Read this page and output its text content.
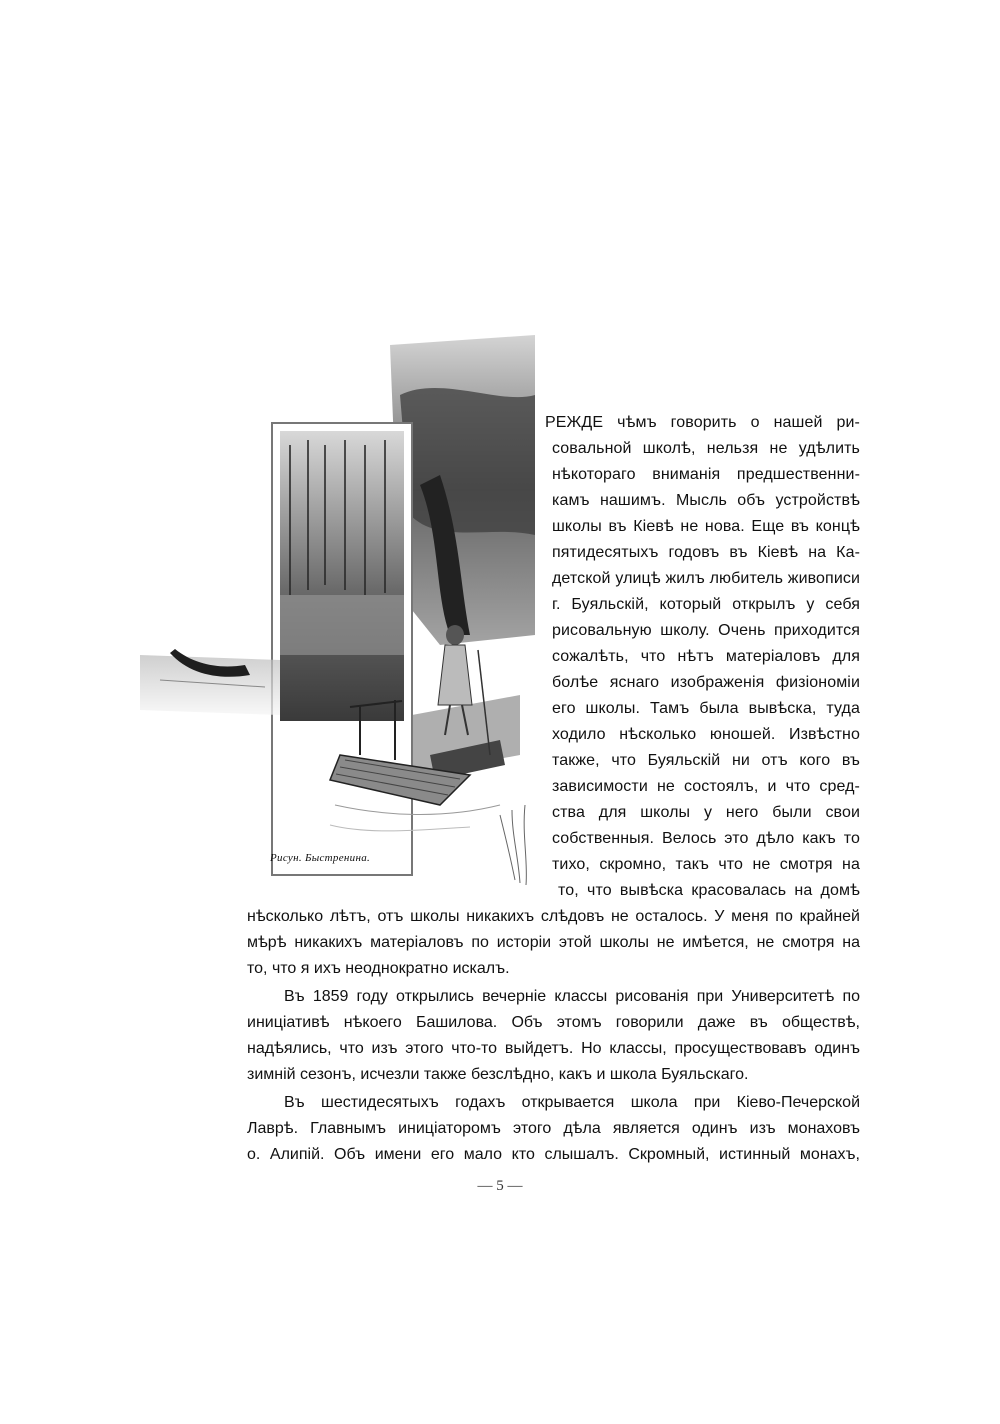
Рисун. Быстренина.
РЕЖДЕ чѣмъ говорить о нашей ри-
совальной школѣ, нельзя не удѣлить
нѣкотораго вниманія предшественни-
камъ нашимъ. Мысль объ устройствѣ
школы въ Кіевѣ не нова. Еще въ концѣ
пятидесятыхъ годовъ въ Кіевѣ на Ка-
детской улицѣ жилъ любитель живописи
г. Буяльскій, который открылъ у себя
рисовальную школу. Очень приходится
сожалѣть, что нѣтъ матеріаловъ для
болѣе яснаго изображенія физіономіи
его школы. Тамъ была вывѣска, туда
ходило нѣсколько юношей. Извѣстно
также, что Буяльскій ни отъ кого въ
зависимости не состоялъ, и что сред-
ства для школы у него были свои
собственныя. Велось это дѣло какъ то
тихо, скромно, такъ что не смотря на
то, что вывѣска красовалась на домѣ
нѣсколько лѣтъ, отъ школы никакихъ слѣдовъ не осталось. У меня по крайней
мѣрѣ никакихъ матеріаловъ по исторіи этой школы не имѣется, не смотря на
то, что я ихъ неоднократно искалъ.
Въ 1859 году открылись вечерніе классы рисованія при Университетѣ по
иниціативѣ нѣкоего Башилова. Объ этомъ говорили даже въ обществѣ,
надѣялись, что изъ этого что-то выйдетъ. Но классы, просуществовавъ одинъ
зимній сезонъ, исчезли также безслѣдно, какъ и школа Буяльскаго.
Въ шестидесятыхъ годахъ открывается школа при Кіево-Печерской
Лаврѣ. Главнымъ иниціаторомъ этого дѣла является одинъ изъ монаховъ
о. Алипій. Объ имени его мало кто слышалъ. Скромный, истинный монахъ,
— 5 —
